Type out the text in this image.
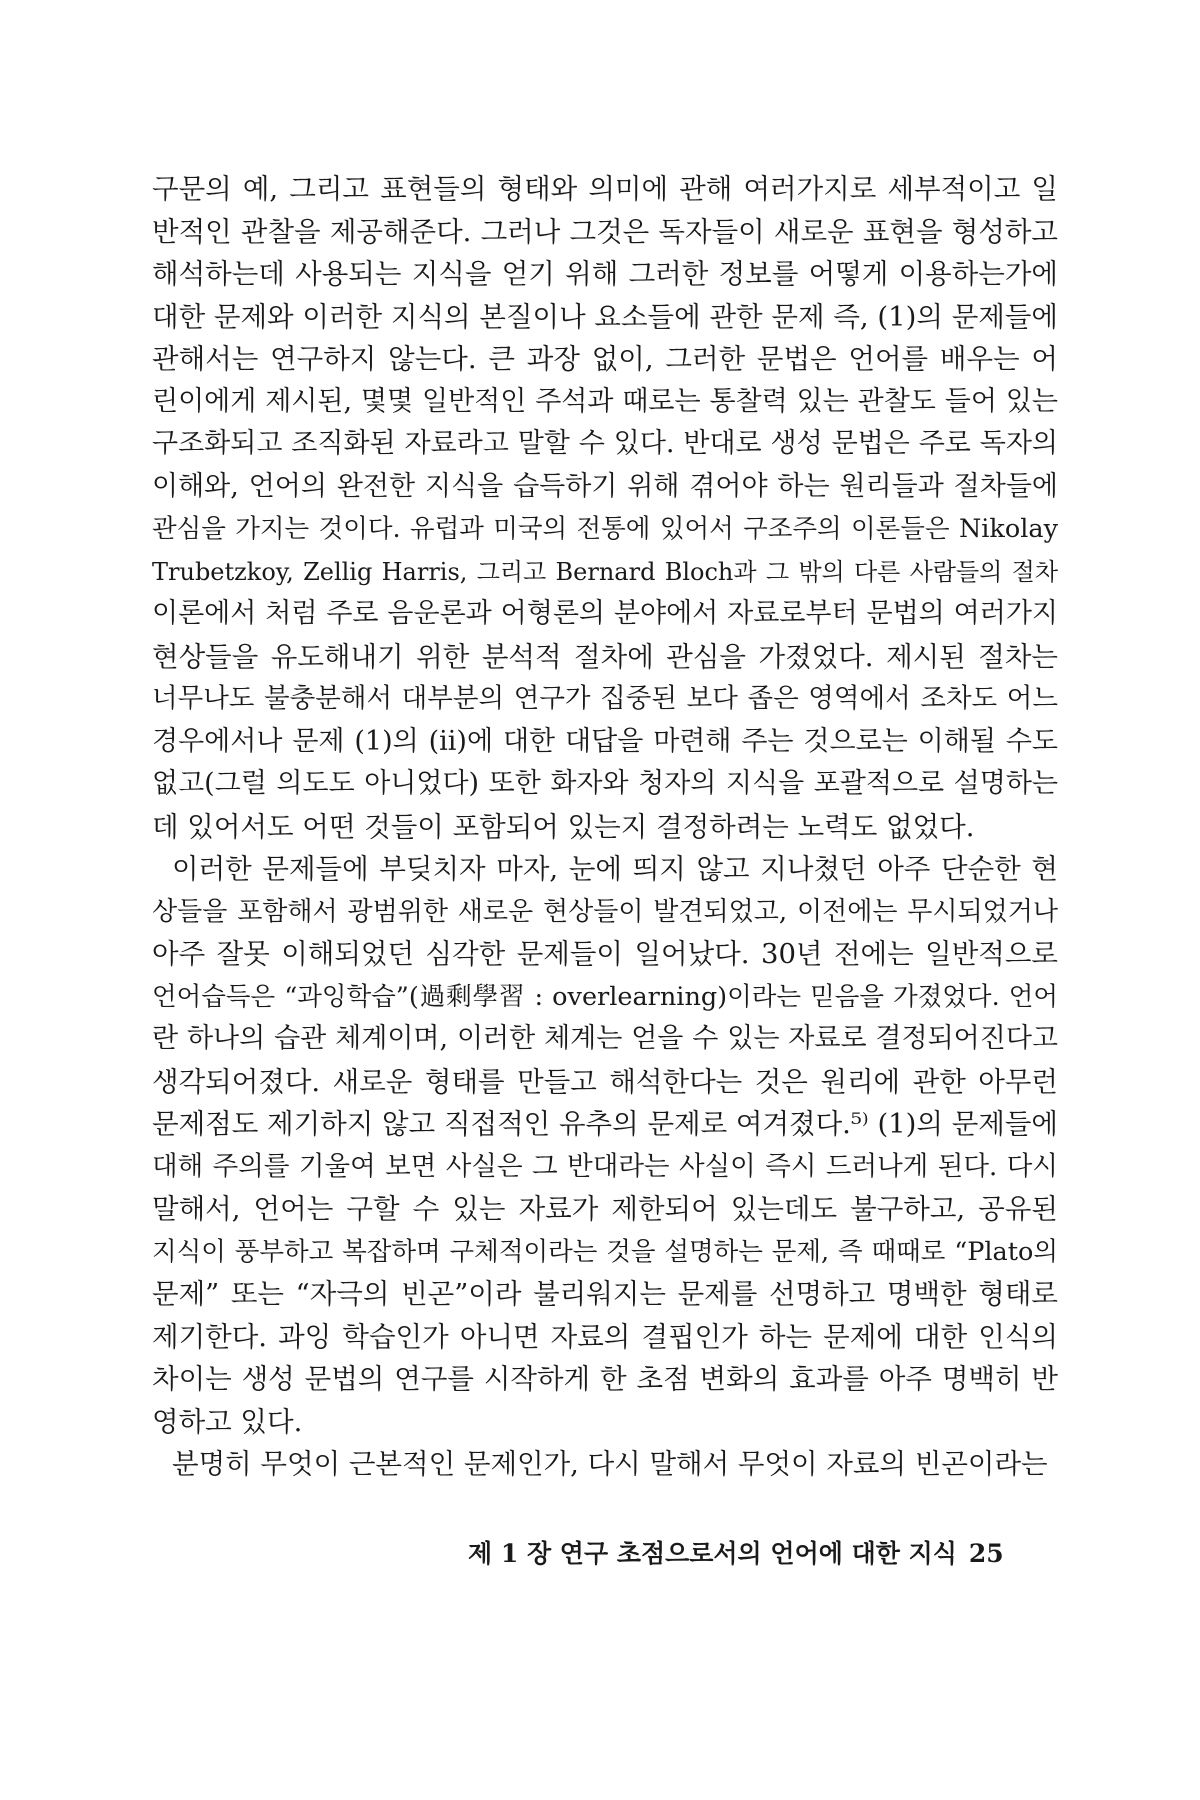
구문의 예, 그리고 표현들의 형태와 의미에 관해 여러가지로 세부적이고 일
반적인 관찰을 제공해준다. 그러나 그것은 독자들이 새로운 표현을 형성하고
해석하는데 사용되는 지식을 얻기 위해 그러한 정보를 어떻게 이용하는가에
대한 문제와 이러한 지식의 본질이나 요소들에 관한 문제 즉, (1)의 문제들에
관해서는 연구하지 않는다. 큰 과장 없이, 그러한 문법은 언어를 배우는 어
린이에게 제시된, 몇몇 일반적인 주석과 때로는 통찰력 있는 관찰도 들어 있는
구조화되고 조직화된 자료라고 말할 수 있다. 반대로 생성 문법은 주로 독자의
이해와, 언어의 완전한 지식을 습득하기 위해 겪어야 하는 원리들과 절차들에
관심을 가지는 것이다. 유럽과 미국의 전통에 있어서 구조주의 이론들은 Nikolay
Trubetzkoy, Zellig Harris, 그리고 Bernard Bloch과 그 밖의 다른 사람들의 절차
이론에서 처럼 주로 음운론과 어형론의 분야에서 자료로부터 문법의 여러가지
현상들을 유도해내기 위한 분석적 절차에 관심을 가졌었다. 제시된 절차는
너무나도 불충분해서 대부분의 연구가 집중된 보다 좁은 영역에서 조차도 어느
경우에서나 문제 (1)의 (ii)에 대한 대답을 마련해 주는 것으로는 이해될 수도
없고(그럴 의도도 아니었다) 또한 화자와 청자의 지식을 포괄적으로 설명하는
데 있어서도 어떤 것들이 포함되어 있는지 결정하려는 노력도 없었다.
이러한 문제들에 부딪치자 마자, 눈에 띄지 않고 지나쳤던 아주 단순한 현
상들을 포함해서 광범위한 새로운 현상들이 발견되었고, 이전에는 무시되었거나
아주 잘못 이해되었던 심각한 문제들이 일어났다. 30년 전에는 일반적으로
언어습득은 “과잉학습”(過剩學習 : overlearning)이라는 믿음을 가졌었다. 언어
란 하나의 습관 체계이며, 이러한 체계는 얻을 수 있는 자료로 결정되어진다고
생각되어졌다. 새로운 형태를 만들고 해석한다는 것은 원리에 관한 아무런
문제점도 제기하지 않고 직접적인 유추의 문제로 여겨졌다.⁵⁾ (1)의 문제들에
대해 주의를 기울여 보면 사실은 그 반대라는 사실이 즉시 드러나게 된다. 다시
말해서, 언어는 구할 수 있는 자료가 제한되어 있는데도 불구하고, 공유된
지식이 풍부하고 복잡하며 구체적이라는 것을 설명하는 문제, 즉 때때로 “Plato의
문제” 또는 “자극의 빈곤”이라 불리워지는 문제를 선명하고 명백한 형태로
제기한다. 과잉 학습인가 아니면 자료의 결핍인가 하는 문제에 대한 인식의
차이는 생성 문법의 연구를 시작하게 한 초점 변화의 효과를 아주 명백히 반
영하고 있다.
분명히 무엇이 근본적인 문제인가, 다시 말해서 무엇이 자료의 빈곤이라는
제 1 장 연구 초점으로서의 언어에 대한 지식 25
